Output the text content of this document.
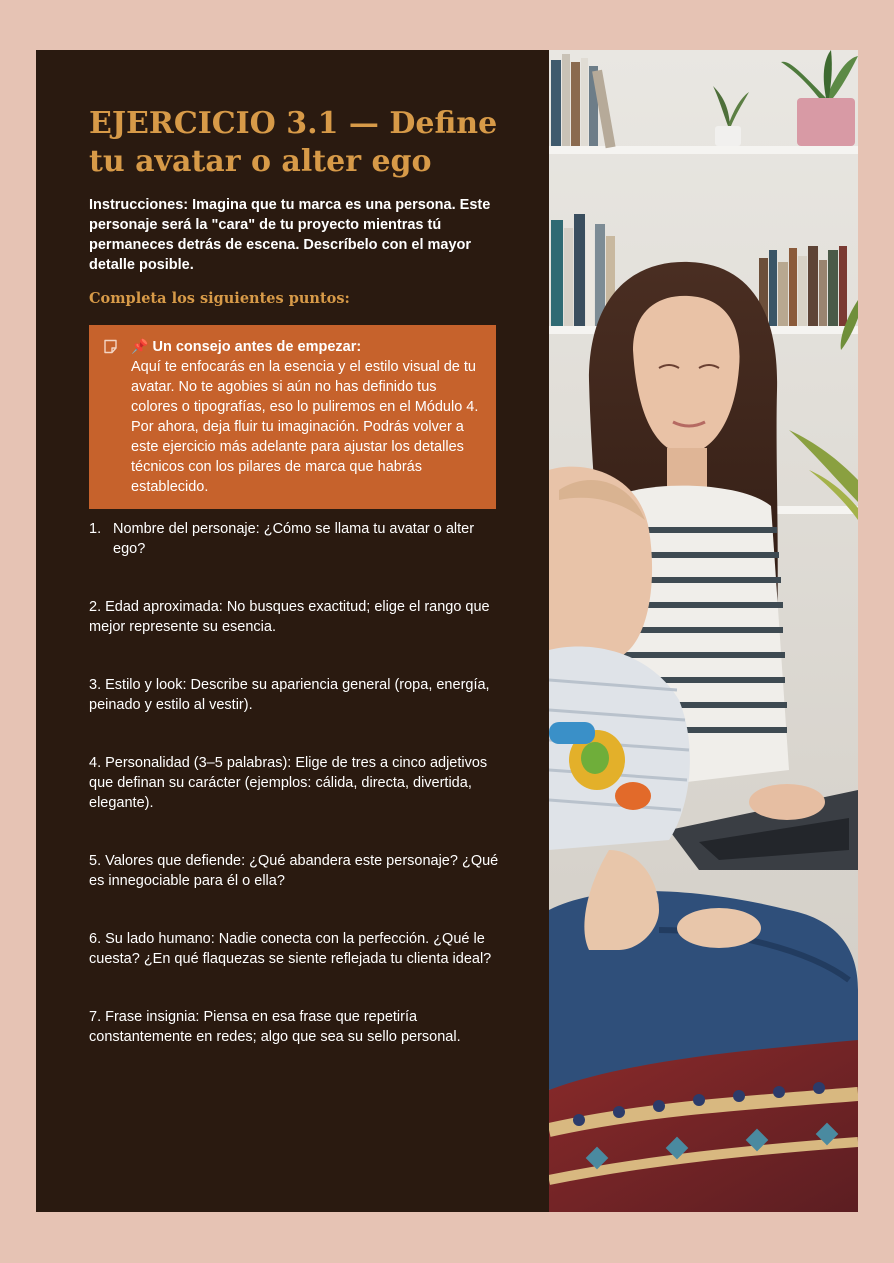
EJERCICIO 3.1 — Define tu avatar o alter ego

Instrucciones: Imagina que tu marca es una persona. Este personaje será la "cara" de tu proyecto mientras tú permaneces detrás de escena. Descríbelo con el mayor detalle posible.

Completa los siguientes puntos:

📌 Un consejo antes de empezar:
Aquí te enfocarás en la esencia y el estilo visual de tu avatar. No te agobies si aún no has definido tus colores o tipografías, eso lo puliremos en el Módulo 4. Por ahora, deja fluir tu imaginación. Podrás volver a este ejercicio más adelante para ajustar los detalles técnicos con los pilares de marca que habrás establecido.
1. Nombre del personaje: ¿Cómo se llama tu avatar o alter ego?
2. Edad aproximada: No busques exactitud; elige el rango que mejor represente su esencia.
3. Estilo y look: Describe su apariencia general (ropa, energía, peinado y estilo al vestir).
4. Personalidad (3–5 palabras): Elige de tres a cinco adjetivos que definan su carácter (ejemplos: cálida, directa, divertida, elegante).
5. Valores que defiende: ¿Qué abandera este personaje? ¿Qué es innegociable para él o ella?
6. Su lado humano: Nadie conecta con la perfección. ¿Qué le cuesta? ¿En qué flaquezas se siente reflejada tu clienta ideal?
7. Frase insignia: Piensa en esa frase que repetiría constantemente en redes; algo que sea su sello personal.
